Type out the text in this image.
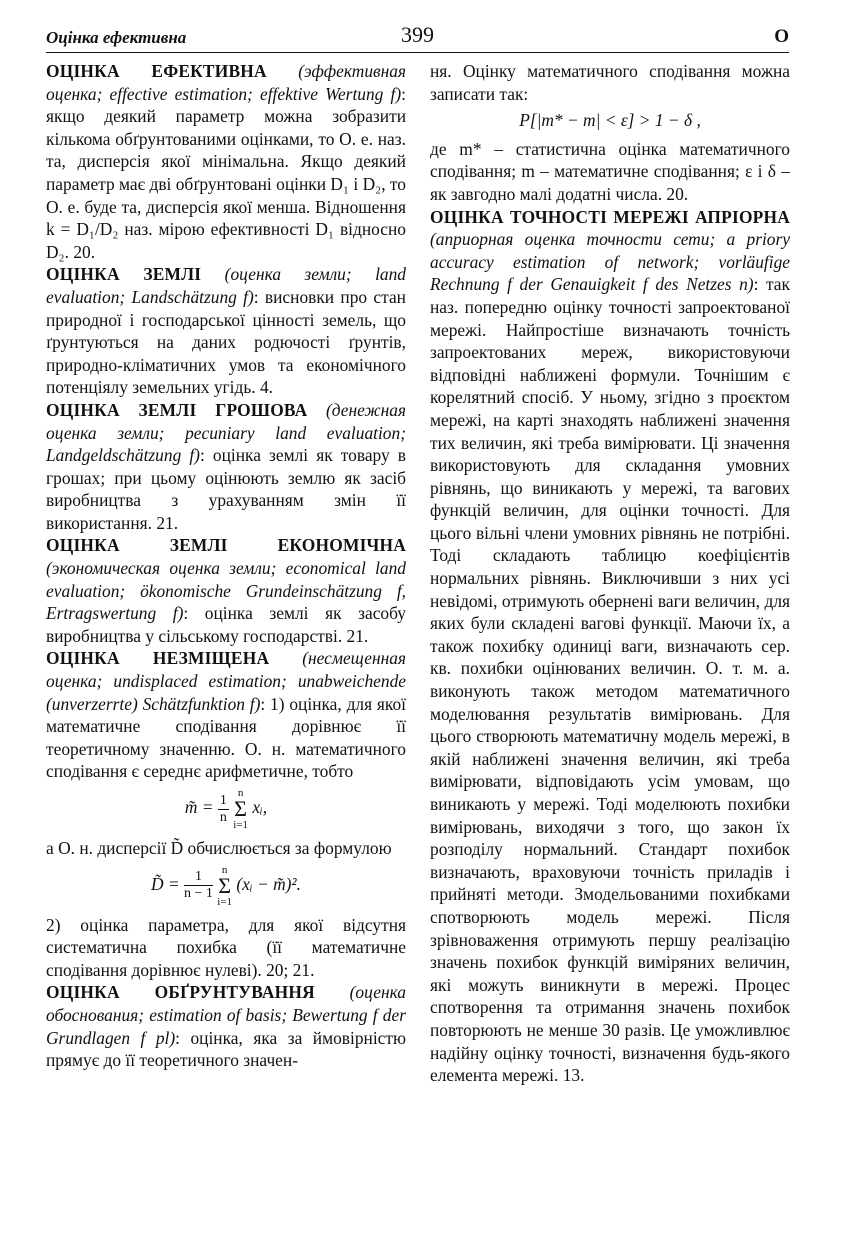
Оцінка ефективна	399	О

ОЦІНКА ЕФЕКТИВНА (эффективная оценка; effective estimation; effektive Wertung f): якщо деякий параметр можна зобразити кількома обґрунтованими оцінками, то О. е. наз. та, дисперсія якої мінімальна. Якщо деякий параметр має дві обґрунтовані оцінки D₁ і D₂, то О. е. буде та, дисперсія якої менша. Відношення k = D₁/D₂ наз. мірою ефективності D₁ відносно D₂. 20.

ОЦІНКА ЗЕМЛІ (оценка земли; land evaluation; Landschätzung f): висновки про стан природної і господарської цінності земель, що ґрунтуються на даних родючості ґрунтів, природно-кліматичних умов та економічного потенціялу земельних угідь. 4.

ОЦІНКА ЗЕМЛІ ГРОШОВА (денежная оценка земли; pecuniary land evaluation; Landgeldschätzung f): оцінка землі як товару в грошах; при цьому оцінюють землю як засіб виробництва з урахуванням змін її використання. 21.

ОЦІНКА ЗЕМЛІ ЕКОНОМІЧНА (экономическая оценка земли; economical land evaluation; ökonomische Grundeinschätzung f, Ertragswertung f): оцінка землі як засобу виробництва у сільському господарстві. 21.

ОЦІНКА НЕЗМІЩЕНА (несмещенная оценка; undisplaced estimation; unabweichende (unverzerrte) Schätzfunktion f): 1) оцінка, для якої математичне сподівання дорівнює її теоретичному значенню. О. н. математичного сподівання є середнє арифметичне, тобто

m̃ = $\frac{1}{n}$
n
Σ
i=1
xᵢ,

а О. н. дисперсії D̃ обчислюється за формулою

D̃ = $\frac{1}{n - 1}$
n
Σ
i=1
(xᵢ − m̃)².

2) оцінка параметра, для якої відсутня систематична похибка (її математичне сподівання дорівнює нулеві). 20; 21.

ОЦІНКА ОБҐРУНТУВАННЯ (оценка обоснования; estimation of basis; Bewertung f der Grundlagen f pl): оцінка, яка за ймовірністю прямує до її теоретичного значен-

ня. Оцінку математичного сподівання можна записати так:

P[|m* − m| < ε] > 1 − δ ,

де m* – статистична оцінка математичного сподівання; m – математичне сподівання; ε і δ – як завгодно малі додатні числа. 20.

ОЦІНКА ТОЧНОСТІ МЕРЕЖІ АПРІОРНА (априорная оценка точности сети; a priory accuracy estimation of network; vorläufige Rechnung f der Genauigkeit f des Netzes n): так наз. попередню оцінку точності запроектованої мережі. Найпростіше визначають точність запроектованих мереж, використовуючи відповідні наближені формули. Точнішим є корелятний спосіб. У ньому, згідно з проєктом мережі, на карті знаходять наближені значення тих величин, які треба вимірювати. Ці значення використовують для складання умовних рівнянь, що виникають у мережі, та вагових функцій величин, для оцінки точності. Для цього вільні члени умовних рівнянь не потрібні. Тоді складають таблицю коефіцієнтів нормальних рівнянь. Виключивши з них усі невідомі, отримують обернені ваги величин, для яких були складені вагові функції. Маючи їх, а також похибку одиниці ваги, визначають сер. кв. похибки оцінюваних величин. О. т. м. а. виконують також методом математичного моделювання результатів вимірювань. Для цього створюють математичну модель мережі, в якій наближені значення величин, які треба вимірювати, відповідають усім умовам, що виникають у мережі. Тоді моделюють похибки вимірювань, виходячи з того, що закон їх розподілу нормальний. Стандарт похибок визначають, враховуючи точність приладів і прийняті методи. Змодельованими похибками спотворюють модель мережі. Після зрівноваження отримують першу реалізацію значень похибок функцій виміряних величин, які можуть виникнути в мережі. Процес спотворення та отримання значень похибок повторюють не менше 30 разів. Це уможливлює надійну оцінку точності, визначення будь-якого елемента мережі. 13.
